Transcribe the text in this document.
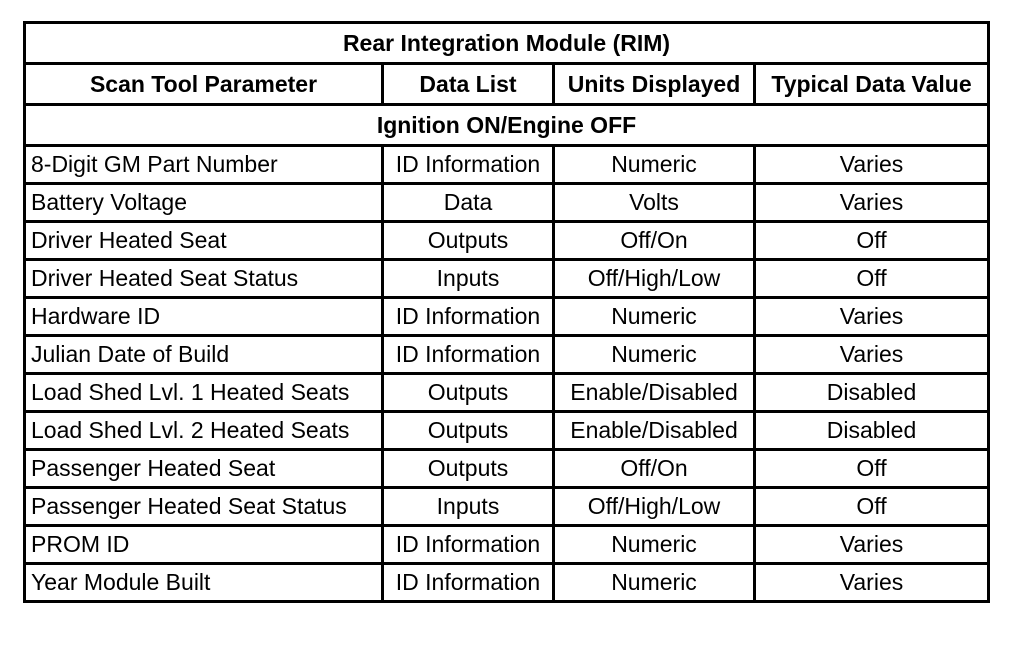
Rear Integration Module (RIM)			
Scan Tool Parameter	Data List	Units Displayed	Typical Data Value
Ignition ON/Engine OFF			
8-Digit GM Part Number	ID Information	Numeric	Varies
Battery Voltage	Data	Volts	Varies
Driver Heated Seat	Outputs	Off/On	Off
Driver Heated Seat Status	Inputs	Off/High/Low	Off
Hardware ID	ID Information	Numeric	Varies
Julian Date of Build	ID Information	Numeric	Varies
Load Shed Lvl. 1 Heated Seats	Outputs	Enable/Disabled	Disabled
Load Shed Lvl. 2 Heated Seats	Outputs	Enable/Disabled	Disabled
Passenger Heated Seat	Outputs	Off/On	Off
Passenger Heated Seat Status	Inputs	Off/High/Low	Off
PROM ID	ID Information	Numeric	Varies
Year Module Built	ID Information	Numeric	Varies
